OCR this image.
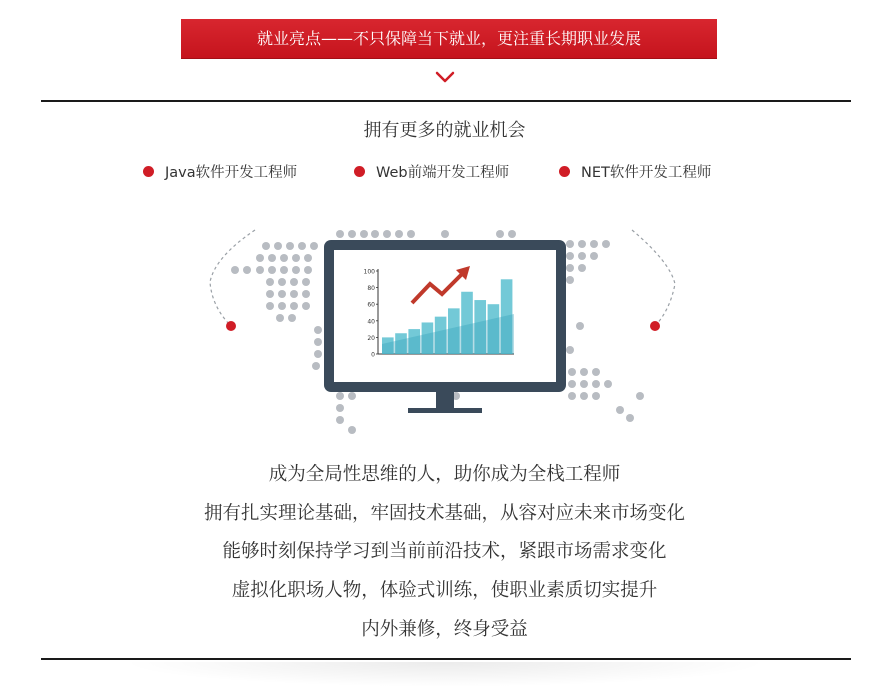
就业亮点——不只保障当下就业，更注重长期职业发展
拥有更多的就业机会
Java软件开发工程师	Web前端开发工程师	NET软件开发工程师
100
80
60
40
20
0
成为全局性思维的人，助你成为全栈工程师
拥有扎实理论基础，牢固技术基础，从容对应未来市场变化
能够时刻保持学习到当前前沿技术，紧跟市场需求变化
虚拟化职场人物，体验式训练，使职业素质切实提升
内外兼修，终身受益
